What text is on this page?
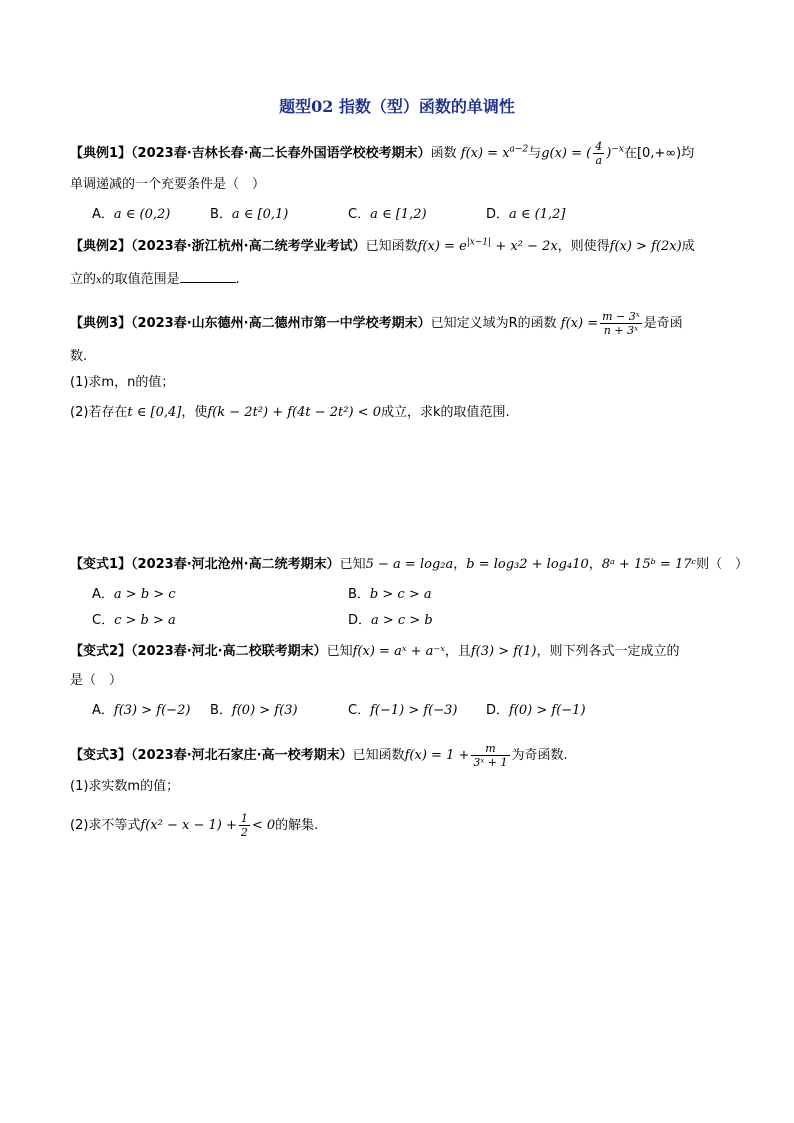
题型02 指数（型）函数的单调性
【典例1】（2023春·吉林长春·高二长春外国语学校校考期末）函数 $f(x) = x^{a-2}$与g(x) = ( $\frac{4}{a} )^{-x}$在[0,+∞)均
单调递减的一个充要条件是（　）
A．a ∈ (0,2)	B．a ∈ [0,1)	C．a ∈ [1,2)	D．a ∈ (1,2]
【典例2】（2023春·浙江杭州·高二统考学业考试）已知函数$f(x) = e^{|x-1|} + x^2 - 2x$，则使得f(x) > f(2x)成
立的x的取值范围是	.
【典例3】（2023春·山东德州·高二德州市第一中学校考期末）已知定义域为R的函数 $f(x) = \frac{\text{m − 3ˣ}}{\text{n + 3ˣ}}$ 是奇函
数.
(1)求m，n的值；
(2)若存在t ∈ [0,4]，使f(k − 2t²) + f(4t − 2t²) < 0成立，求k的取值范围.
【变式1】（2023春·河北沧州·高二统考期末）已知5 − a = log₂a，b = log₃2 + log₄10，8ᵃ + 15ᵇ = 17ᶜ则（　）
A．a > b > c	B．b > c > a
C．c > b > a	D．a > c > b
【变式2】（2023春·河北·高二校联考期末）已知f(x) = aˣ + a⁻ˣ，且f(3) > f(1)，则下列各式一定成立的
是（　）
A．f(3) > f(−2) B．f(0) > f(3)	C．f(−1) > f(−3) D．f(0) > f(−1)
【变式3】（2023春·河北石家庄·高一校考期末）已知函数$f(x) = 1 + \frac{m}{\text{3ˣ + 1}}$ 为奇函数.
(1)求实数m的值；
(2)求不等式$f(x^2 - x - 1) + \frac{1}{2} < 0$的解集.
